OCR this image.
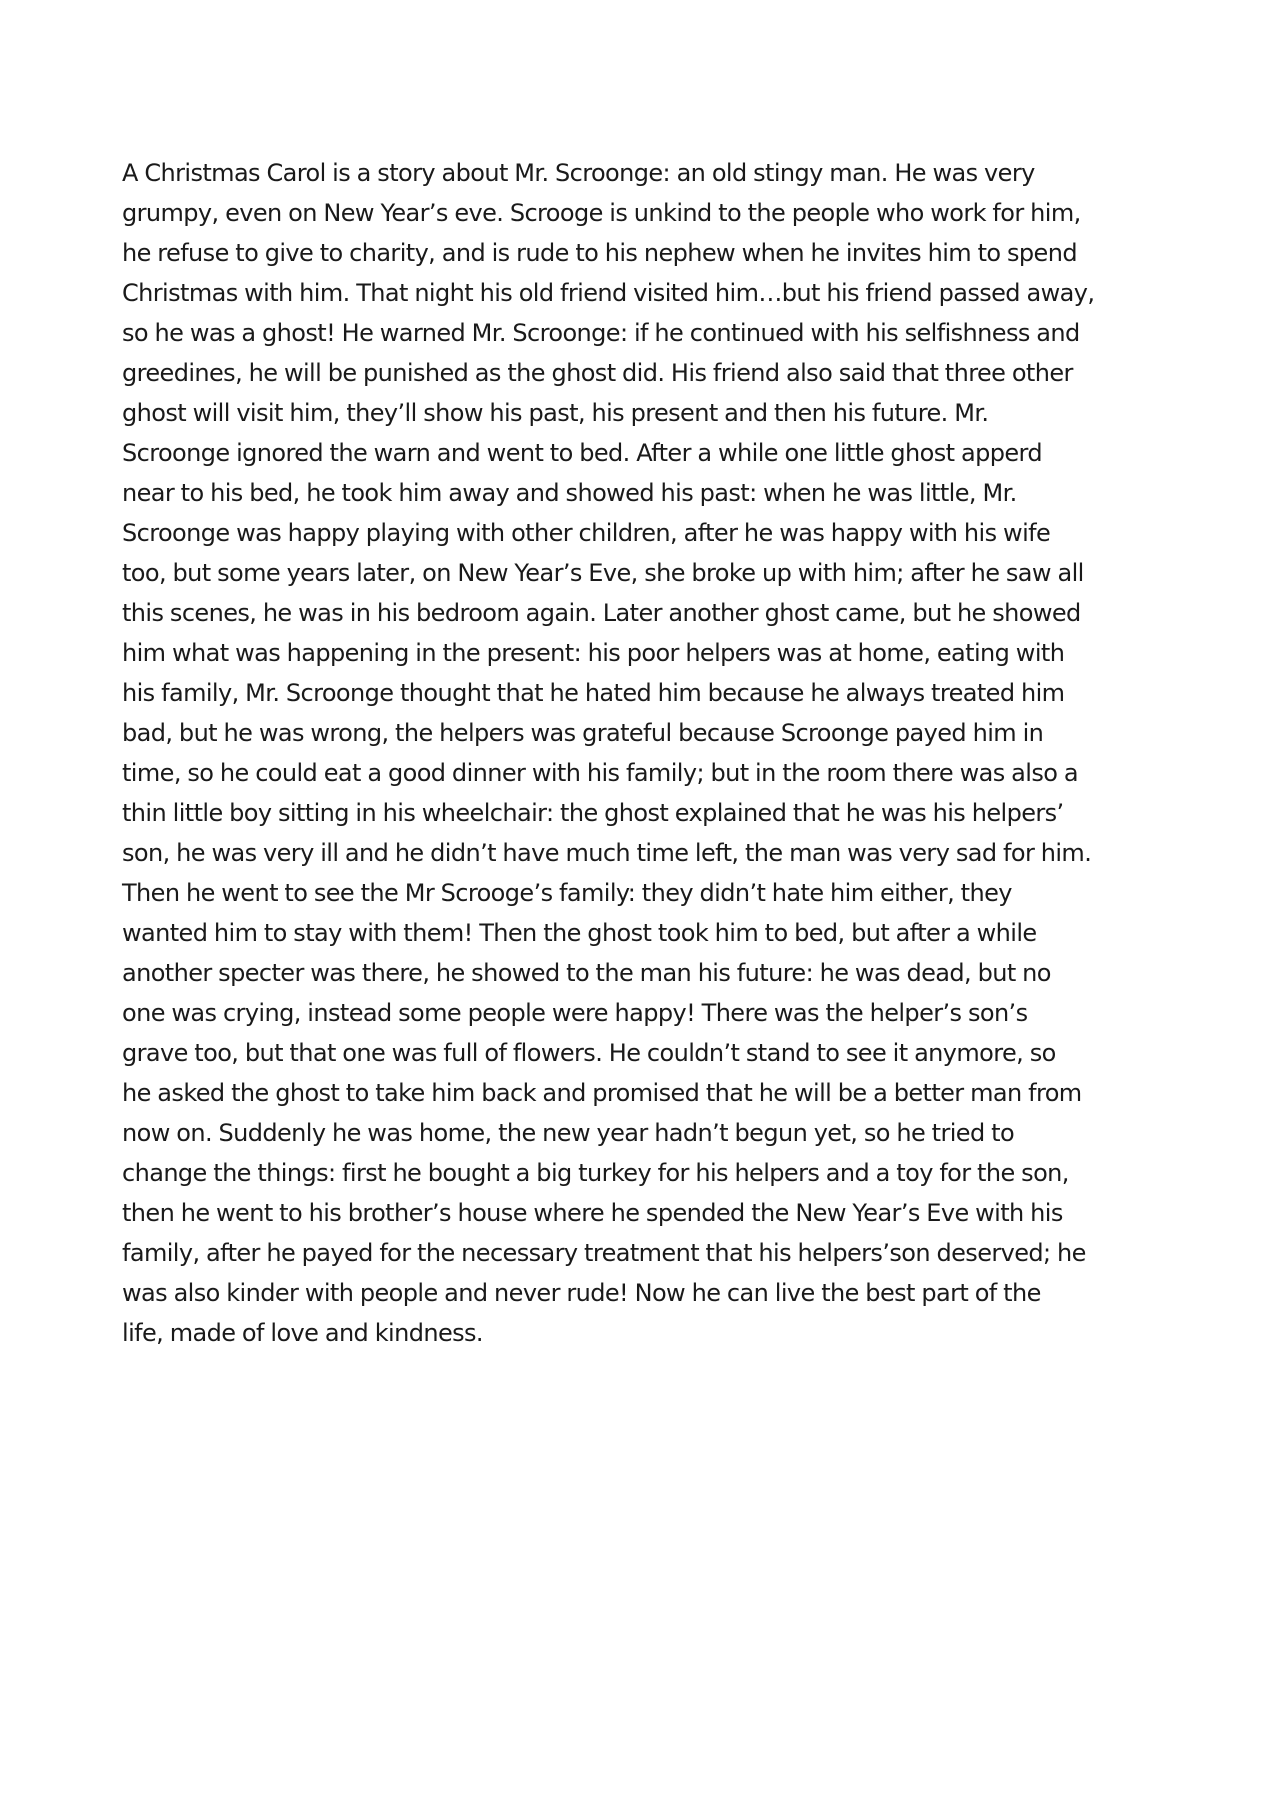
A Christmas Carol is a story about Mr. Scroonge: an old stingy man. He was very
grumpy, even on New Year’s eve. Scrooge is unkind to the people who work for him,
he refuse to give to charity, and is rude to his nephew when he invites him to spend
Christmas with him. That night his old friend visited him…but his friend passed away,
so he was a ghost! He warned Mr. Scroonge: if he continued with his selfishness and
greedines, he will be punished as the ghost did. His friend also said that three other
ghost will visit him, they’ll show his past, his present and then his future. Mr.
Scroonge ignored the warn and went to bed. After a while one little ghost apperd
near to his bed, he took him away and showed his past: when he was little, Mr.
Scroonge was happy playing with other children, after he was happy with his wife
too, but some years later, on New Year’s Eve, she broke up with him; after he saw all
this scenes, he was in his bedroom again. Later another ghost came, but he showed
him what was happening in the present: his poor helpers was at home, eating with
his family, Mr. Scroonge thought that he hated him because he always treated him
bad, but he was wrong, the helpers was grateful because Scroonge payed him in
time, so he could eat a good dinner with his family; but in the room there was also a
thin little boy sitting in his wheelchair: the ghost explained that he was his helpers’
son, he was very ill and he didn’t have much time left, the man was very sad for him.
Then he went to see the Mr Scrooge’s family: they didn’t hate him either, they
wanted him to stay with them! Then the ghost took him to bed, but after a while
another specter was there, he showed to the man his future: he was dead, but no
one was crying, instead some people were happy! There was the helper’s son’s
grave too, but that one was full of flowers. He couldn’t stand to see it anymore, so
he asked the ghost to take him back and promised that he will be a better man from
now on. Suddenly he was home, the new year hadn’t begun yet, so he tried to
change the things: first he bought a big turkey for his helpers and a toy for the son,
then he went to his brother’s house where he spended the New Year’s Eve with his
family, after he payed for the necessary treatment that his helpers’son deserved; he
was also kinder with people and never rude! Now he can live the best part of the
life, made of love and kindness.
